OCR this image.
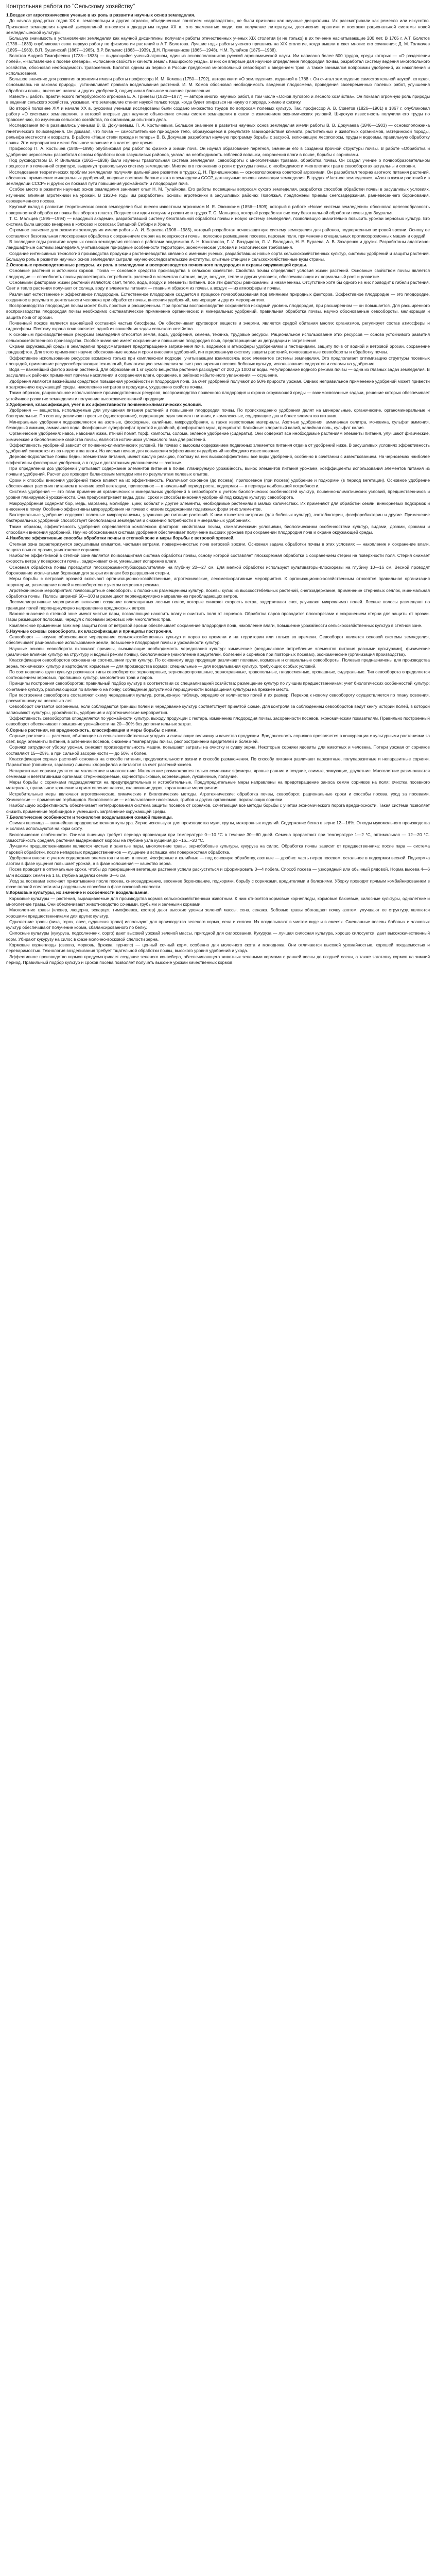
Контрольная работа по "Сельскому хозяйству"

1.Возделкет агротехнические ученые в их роль в развитии научных основ земледелия.

До начала двадцатых годов XX в. земледельцы и другие отрасли, объединенные понятием «садоводство», не были признаны как научные дисциплины. Их рассматривали как ремесло или искусство. Признание земледелия научной дисциплиной относится к двадцатым годам XX в., это знаменитые люди, как получение литературы, достижения практики и поставки рациональной системы новой земледельческой культуры.

Большую значимость в установлении земледелия как научной дисциплины получили работы отечественных ученых XIX столетия (и не только) в их течение насчитывающие 200 лет. В 1765 г. А.Т. Болотов (1738—1833) опубликовал свою первую работу по физиологии растений в А.Т. Болотова. Лучшие годы работы ученого пришлись на XIX столетие, когда вышли в свет многие его сочинения; Д. М. Толмачев (1895—1963), В.П. Бушинский (1867—1965), В.Р. Вильямс (1863—1939), Д.Н. Прянишников (1865—1948), Н.М. Тулайков (1875—1938).

Болотов Андрей Тимофеевич (1738—1833) — выдающийся ученый-агроном, один из основоположников русской агрономической науки. Им написано более 600 трудов, среди которых — «О разделении полей», «Наставление о посеве клевера», «Описание свойств и качеств земель Каширского уезда». В них он впервые дал научное определение плодородия почвы, разработал систему ведения многопольного хозяйства, обосновал необходимость травосеяния. Болотов одним из первых в России предложил многопольный севооборот с введением трав, а также занимался вопросами удобрений, их накопления и использования.

Большое значение для развития агрономии имели работы профессора И. М. Комова (1750—1792), автора книги «О земледелии», изданной в 1788 г. Он считал земледелие самостоятельной наукой, которая, основываясь на законах природы, устанавливает правила возделывания растений. И. М. Комов обосновал необходимость введения плодосмена, проведения своевременных полевых работ, улучшения обработки почвы, внесения навоза и других удобрений, подчеркивал большое значение травосеяния.

Известны работы практического петербургского агронома Е. А. Гриневы (1820—1877) — автора многих научных работ, в том числе «Основ лугового и лесного хозяйства». Он показал огромную роль природы в ведении сельского хозяйства, указывал, что земледелие станет наукой только тогда, когда будет опираться на науку о природе, химию и физику.

Во второй половине XIX и начале XX в. русскими учеными исследованы были создано множество трудов по вопросам полевых культур. Так, профессор А. В. Советов (1826—1901) в 1867 г. опубликовал работу «О системах земледелия», в которой впервые дал научное объяснение смены систем земледелия в связи с изменением экономических условий. Широкую известность получили его труды по травосеянию, по изучению сельского хозяйства, по организации опытного дела.

Исследования почв развивались учеными В. В. Докучаевым, П. А. Костычевым. Большое значение в развитии научных основ земледелия имели работы В. В. Докучаева (1846—1903) — основоположника генетического почвоведения. Он доказал, что почва — самостоятельное природное тело, образующееся в результате взаимодействия климата, растительных и животных организмов, материнской породы, рельефа местности и возраста. В работе «Наши степи прежде и теперь» В. В. Докучаев разработал научную программу борьбы с засухой, включавшую лесополосы, пруды и водоемы, правильную обработку почвы. Эти мероприятия имеют большое значение и в настоящее время.

Профессор П. А. Костычев (1845—1895) опубликовал ряд работ по физике и химии почв. Он изучал образование перегноя, значение его в создании прочной структуры почвы. В работе «Обработка и удобрение чернозема» разработал основы обработки почв засушливых районов, указал на необходимость зяблевой вспашки, сохранения влаги в почве, борьбы с сорняками.

Под руководством В. Р. Вильямса (1863—1939) были изучены травопольная система земледелия, севообороты с многолетними травами, обработка почвы. Он создал учение о почвообразовательном процессе и о почвенной структуре, выдвинул травопольную систему земледелия. Многие его положения о роли структуры почвы, о необходимости многолетних трав в севооборотах актуальны и сегодня.

Исследования теоретических проблем земледелия получили дальнейшее развитие в трудах Д. Н. Прянишникова — основоположника советской агрохимии. Он разработал теорию азотного питания растений, обосновал применение минеральных удобрений, впервые составил баланс азота в земледелии СССР, дал научные основы химизации земледелия. В трудах «Частное земледелие», «Азот в жизни растений и в земледелии СССР» и других он показал пути повышения урожайности и плодородия почв.

Особое место в развитии научных основ земледелия занимает опыт Н. М. Тулайкова. Его работы посвящены вопросам сухого земледелия, разработке способов обработки почвы в засушливых условиях, изучению влияния агротехники на урожай. В 1920-е годы им разработаны основы агротехники в засушливых районах Поволжья, предложены приемы снегозадержания, ранневесеннего боронования, своевременного посева.

Крупный вклад в развитие теоретических основ земледелия был внесен известным агрономом И. Е. Овсинским (1856—1909), который в работе «Новая система земледелия» обосновал целесообразность поверхностной обработки почвы без оборота пласта. Позднее эти идеи получили развитие в трудах Т. С. Мальцева, который разработал систему безотвальной обработки почвы для Зауралья.

Т. С. Мальцев (1895—1994) — народный академик, разработавший систему безотвальной обработки почвы и новую систему земледелия, позволившую значительно повысить урожаи зерновых культур. Его система была широко внедрена в колхозах и совхозах Западной Сибири и Урала.

Огромное значение для развития земледелия имели работы А. И. Бараева (1908—1985), который разработал почвозащитную систему земледелия для районов, подверженных ветровой эрозии. Основу ее составляют безотвальная плоскорезная обработка с сохранением стерни на поверхности почвы, полосное размещение посевов, паровые поля, применение специальных противоэрозионных машин и орудий.

В последние годы развитие научных основ земледелия связано с работами академиков А. Н. Каштанова, Г. И. Баздырева, Л. И. Володина, Н. Е. Бураева, А. В. Захаренко и других. Разработаны адаптивно-ландшафтные системы земледелия, учитывающие природные особенности территории, экономические условия и экологические требования.

Создание интенсивных технологий производства продукции растениеводства связано с именами ученых, разработавших новые сорта сельскохозяйственных культур, системы удобрений и защиты растений. Большую роль в развитии научных основ земледелия сыграли научно-исследовательские институты, опытные станции и сельскохозяйственные вузы страны.

2.Основные производственные ресурсы, их роль в земледелии и воспроизводство почвенного плодородия и охраны окружающей среды.

Основные растения и источники кормов. Почва — основное средство производства в сельском хозяйстве. Свойства почвы определяют условия жизни растений. Основным свойством почвы является плодородие — способность почвы удовлетворять потребность растений в элементах питания, воде, воздухе, тепле и других условиях, обеспечивающих их нормальный рост и развитие.

Основными факторами жизни растений являются: свет, тепло, вода, воздух и элементы питания. Все эти факторы равнозначны и незаменимы. Отсутствие хотя бы одного из них приводит к гибели растения. Свет и тепло растения получают от солнца, воду и элементы питания — главным образом из почвы, а воздух — из атмосферы и почвы.

Различают естественное и эффективное плодородие. Естественное плодородие создается в процессе почвообразования под влиянием природных факторов. Эффективное плодородие — это плодородие, созданное в результате деятельности человека при обработке почвы, внесении удобрений, мелиорации и других мероприятиях.

Воспроизводство плодородия почвы может быть простым и расширенным. При простом воспроизводстве сохраняется исходный уровень плодородия, при расширенном — он повышается. Для расширенного воспроизводства плодородия почвы необходимо систематическое применение органических и минеральных удобрений, правильная обработка почвы, научно обоснованные севообороты, мелиорация и защита почв от эрозии.

Почвенный покров является важнейшей составной частью биосферы. Он обеспечивает круговорот веществ и энергии, является средой обитания многих организмов, регулирует состав атмосферы и гидросферы. Поэтому охрана почв является одной из важнейших задач сельского хозяйства.

К основным производственным ресурсам земледелия относятся земля, вода, удобрения, семена, техника, трудовые ресурсы. Рациональное использование этих ресурсов — основа устойчивого развития сельскохозяйственного производства. Особое значение имеет сохранение и повышение плодородия почв, предотвращение их деградации и загрязнения.

Охрана окружающей среды в земледелии предусматривает предотвращение загрязнения почв, водоемов и атмосферы удобрениями и пестицидами, защиту почв от водной и ветровой эрозии, сохранение ландшафтов. Для этого применяют научно обоснованные нормы и сроки внесения удобрений, интегрированную систему защиты растений, почвозащитные севообороты и обработку почвы.

Эффективное использование ресурсов возможно только при комплексном подходе, учитывающем взаимосвязь всех элементов системы земледелия. Это предполагает оптимизацию структуры посевных площадей, применение ресурсосберегающих технологий, биологизацию земледелия за счет расширения посевов бобовых культур, использования сидератов и соломы на удобрение.

Вода — важнейший фактор жизни растений. Для образования 1 кг сухого вещества растения расходуют от 200 до 1000 кг воды. Регулирование водного режима почвы — одна из главных задач земледелия. В засушливых районах применяют приемы накопления и сохранения влаги, орошение, в районах избыточного увлажнения — осушение.

Удобрения являются важнейшим средством повышения урожайности и плодородия почв. За счет удобрений получают до 50% прироста урожая. Однако неправильное применение удобрений может привести к загрязнению окружающей среды, накоплению нитратов в продукции, ухудшению свойств почвы.

Таким образом, рациональное использование производственных ресурсов, воспроизводство почвенного плодородия и охрана окружающей среды — взаимосвязанные задачи, решение которых обеспечивает устойчивое развитие земледелия и получение высококачественной продукции.

3.Удобрения, классификация, учет в их эффективности почвенно-климатических условий.

Удобрения — вещества, используемые для улучшения питания растений и повышения плодородия почвы. По происхождению удобрения делят на минеральные, органические, органоминеральные и бактериальные. По составу различают простые (односторонние), содержащие один элемент питания, и комплексные, содержащие два и более элементов питания.

Минеральные удобрения подразделяются на азотные, фосфорные, калийные, микроудобрения, а также известковые материалы. Азотные удобрения: аммиачная селитра, мочевина, сульфат аммония, безводный аммиак, аммиачная вода. Фосфорные: суперфосфат простой и двойной, фосфоритная мука, преципитат. Калийные: хлористый калий, калийная соль, сульфат калия.

Органические удобрения: навоз, навозная жижа, птичий помет, торф, компосты, солома, зеленое удобрение (сидераты). Они содержат все необходимые растениям элементы питания, улучшают физические, химические и биологические свойства почвы, являются источником углекислого газа для растений.

Эффективность удобрений зависит от почвенно-климатических условий. На почвах с высоким содержанием подвижных элементов питания отдача от удобрений ниже. В засушливых условиях эффективность удобрений снижается из-за недостатка влаги. На кислых почвах для повышения эффективности удобрений необходимо известкование.

Дерново-подзолистые почвы бедны элементами питания, имеют кислую реакцию, поэтому на них высокоэффективны все виды удобрений, особенно в сочетании с известкованием. На черноземах наиболее эффективны фосфорные удобрения, а в годы с достаточным увлажнением — азотные.

При определении доз удобрений учитывают содержание элементов питания в почве, планируемую урожайность, вынос элементов питания урожаем, коэффициенты использования элементов питания из почвы и удобрений. Расчет доз проводят балансовым методом или по результатам полевых опытов.

Сроки и способы внесения удобрений также влияют на их эффективность. Различают основное (до посева), припосевное (при посеве) удобрение и подкормки (в период вегетации). Основное удобрение обеспечивает растения питанием в течение всей вегетации, припосевное — в начальный период роста, подкормки — в периоды наибольшей потребности.

Система удобрения — это план применения органических и минеральных удобрений в севообороте с учетом биологических особенностей культур, почвенно-климатических условий, предшественников и уровня планируемой урожайности. Она предусматривает виды, дозы, сроки и способы внесения удобрений под каждую культуру севооборота.

Микроудобрения содержат бор, медь, марганец, молибден, цинк, кобальт и другие элементы, необходимые растениям в малых количествах. Их применяют для обработки семян, внекорневых подкормок и внесения в почву. Особенно эффективны микроудобрения на почвах с низким содержанием подвижных форм этих элементов.

Бактериальные удобрения содержат полезные микроорганизмы, улучшающие питание растений. К ним относятся нитрагин (для бобовых культур), азотобактерин, фосфоробактерин и другие. Применение бактериальных удобрений способствует биологизации земледелия и снижению потребности в минеральных удобрениях.

Таким образом, эффективность удобрений определяется комплексом факторов: свойствами почвы, климатическими условиями, биологическими особенностями культур, видами, дозами, сроками и способами внесения удобрений. Научно обоснованная система удобрения обеспечивает получение высоких урожаев при сохранении плодородия почв и охране окружающей среды.

4.Наиболее эффективные способы обработки почвы в степной зоне и меры борьбы с ветровой эрозией.

Степная зона характеризуется засушливым климатом, частыми ветрами, подверженностью почв ветровой эрозии. Основная задача обработки почвы в этих условиях — накопление и сохранение влаги, защита почв от эрозии, уничтожение сорняков.

Наиболее эффективной в степной зоне является почвозащитная система обработки почвы, основу которой составляет плоскорезная обработка с сохранением стерни на поверхности поля. Стерня снижает скорость ветра у поверхности почвы, задерживает снег, уменьшает испарение влаги.

Основная обработка почвы проводится плоскорезами-глубокорыхлителями на глубину 20—27 см. Для мелкой обработки используют культиваторы-плоскорезы на глубину 10—16 см. Весной проводят боронование игольчатыми боронами для закрытия влаги без разрушения стерни.

Меры борьбы с ветровой эрозией включают организационно-хозяйственные, агротехнические, лесомелиоративные мероприятия. К организационно-хозяйственным относятся правильная организация территории, размещение полей и севооборотов с учетом ветрового режима.

Агротехнические мероприятия: почвозащитные севообороты с полосным размещением культур, посевы кулис из высокостебельных растений, снегозадержание, применение стерневых сеялок, минимальная обработка почвы. Полосы шириной 50—100 м размещают перпендикулярно направлению преобладающих ветров.

Лесомелиоративные мероприятия включают создание полезащитных лесных полос, которые снижают скорость ветра, задерживают снег, улучшают микроклимат полей. Лесные полосы размещают по границам полей перпендикулярно направлению вредоносных ветров.

Важное значение в степной зоне имеют чистые пары, позволяющие накопить влагу и очистить поля от сорняков. Обработка паров проводится плоскорезами с сохранением стерни для защиты от эрозии. Пары размещают полосами, чередуя с посевами зерновых или многолетних трав.

Комплексное применение всех мер защиты почв от ветровой эрозии обеспечивает сохранение плодородия почв, накопление влаги, повышение урожайности сельскохозяйственных культур в степной зоне.

5.Научные основы севооборота, их классификация и принципы построения.

Севооборот — научно обоснованное чередование сельскохозяйственных культур и паров во времени и на территории или только во времени. Севооборот является основой системы земледелия, обеспечивает рациональное использование земли, повышение плодородия почвы и урожайности культур.

Научные основы севооборота включают причины, вызывающие необходимость чередования культур: химические (неодинаковое потребление элементов питания разными культурами), физические (различное влияние культур на структуру и водный режим почвы), биологические (накопление вредителей, болезней и сорняков при повторных посевах), экономические (организация производства).

Классификация севооборотов основана на соотношении групп культур. По основному виду продукции различают полевые, кормовые и специальные севообороты. Полевые предназначены для производства зерна, технических культур и картофеля; кормовые — для производства кормов; специальные — для возделывания культур, требующих особых условий.

По соотношению групп культур различают типы севооборотов: зернопаровые, зернопаропропашные, зернотравяные, травопольные, плодосменные, пропашные, сидеральные. Тип севооборота определяется соотношением зерновых, пропашных культур, многолетних трав и паров.

Принципы построения севооборотов: правильный подбор культур в соответствии со специализацией хозяйства; размещение культур по лучшим предшественникам; учет биологических особенностей культур; сочетание культур, различающихся по влиянию на почву; соблюдение допустимой периодичности возвращения культуры на прежнее место.

При построении севооборота составляют схему чередования культур, ротационную таблицу, определяют количество полей и их размер. Переход к новому севообороту осуществляется по плану освоения, рассчитанному на несколько лет.

Севооборот считается освоенным, если соблюдаются границы полей и чередование культур соответствует принятой схеме. Для контроля за соблюдением севооборотов ведут книгу истории полей, в которой записывают культуры, урожайность, удобрения и агротехнические мероприятия.

Эффективность севооборотов определяется по урожайности культур, выходу продукции с гектара, изменению плодородия почвы, засоренности посевов, экономическим показателям. Правильно построенный севооборот обеспечивает повышение урожайности на 20—30% без дополнительных затрат.

6.Сорные растения, их вредоносность, классификация и меры борьбы с ними.

Сорные растения — растения, обитающие на сельскохозяйственных угодьях и снижающие величину и качество продукции. Вредоносность сорняков проявляется в конкуренции с культурными растениями за свет, воду, элементы питания, в затенении посевов, снижении температуры почвы, распространении вредителей и болезней.

Сорняки затрудняют уборку урожая, снижают производительность машин, повышают затраты на очистку и сушку зерна. Некоторые сорняки ядовиты для животных и человека. Потери урожая от сорняков составляют 15—25%, а при сильной засоренности — до 50% и более.

Классификация сорных растений основана на способе питания, продолжительности жизни и способе размножения. По способу питания различают паразитные, полупаразитные и непаразитные сорняки. Паразитные (повилики, заразихи) лишены хлорофилла и питаются за счет растений-хозяев.

Непаразитные сорняки делятся на малолетние и многолетние. Малолетние размножаются только семенами: эфемеры, яровые ранние и поздние, озимые, зимующие, двулетние. Многолетние размножаются семенами и вегетативными органами: стержнекорневые, корнеотпрысковые, корневищные, луковичные, ползучие.

Меры борьбы с сорняками подразделяются на предупредительные и истребительные. Предупредительные меры направлены на предотвращение заноса семян сорняков на поля: очистка посевного материала, правильное хранение и приготовление навоза, окашивание дорог, карантинные мероприятия.

Истребительные меры включают агротехнические, химические и биологические методы. Агротехнические: обработка почвы, севооборот, рациональные сроки и способы посева, уход за посевами. Химические — применение гербицидов. Биологические — использование насекомых, грибов и других организмов, поражающих сорняки.

Наибольшую эффективность обеспечивает интегрированная система защиты посевов от сорняков, сочетающая все методы борьбы с учетом экономического порога вредоносности. Такая система позволяет снизить применение гербицидов и уменьшить загрязнение окружающей среды.

7.Биологические особенности и технология возделывания озимой пшеницы.

Озимая пшеница — важнейшая продовольственная культура. Зерно используют для производства муки, крупы, макаронных изделий. Содержание белка в зерне 12—16%. Отходы мукомольного производства и солома используются на корм скоту.

Биологические особенности. Озимая пшеница требует периода яровизации при температуре 0—10 °С в течение 30—60 дней. Семена прорастают при температуре 1—2 °С, оптимальная — 12—20 °С. Зимостойкость средняя, растения выдерживают морозы на глубине узла кущения до −16...−20 °С.

Лучшими предшественниками являются чистые и занятые пары, многолетние травы, зернобобовые культуры, кукуруза на силос. Обработка почвы зависит от предшественника: после пара — система паровой обработки, после непаровых предшественников — лущение и вспашка или поверхностная обработка.

Удобрения вносят с учетом содержания элементов питания в почве. Фосфорные и калийные — под основную обработку, азотные — дробно: часть перед посевом, остальное в подкормки весной. Подкормка азотом в фазе кущения повышает урожай, а в фазе колошения — качество зерна.

Посев проводят в оптимальные сроки, чтобы до прекращения вегетации растения успели раскуститься и сформировать 3—4 побега. Способ посева — узкорядный или обычный рядовой. Норма высева 4—6 млн всхожих семян на 1 га, глубина заделки семян 3—6 см.

Уход за посевами включает прикатывание после посева, снегозадержание, весеннее боронование, подкормки, борьбу с сорняками, вредителями и болезнями. Уборку проводят прямым комбайнированием в фазе полной спелости или раздельным способом в фазе восковой спелости.

8.Кормовые культуры, их значение и особенности возделывания.

Кормовые культуры — растения, выращиваемые для производства кормов сельскохозяйственным животным. К ним относятся кормовые корнеплоды, кормовые бахчевые, силосные культуры, однолетние и многолетние травы. Они обеспечивают животноводство сочными, грубыми и зелеными кормами.

Многолетние травы (клевер, люцерна, эспарцет, тимофеевка, костер) дают высокие урожаи зеленой массы, сена, сенажа. Бобовые травы обогащают почву азотом, улучшают ее структуру, являются хорошими предшественниками для других культур.

Однолетние травы (вика, горох, овес, суданская трава) используют для производства зеленого корма, сена и силоса. Их возделывают в чистом виде и в смесях. Смешанные посевы бобовых и злаковых культур обеспечивают получение корма, сбалансированного по белку.

Силосные культуры (кукуруза, подсолнечник, сорго) дают высокий урожай зеленой массы, пригодной для силосования. Кукуруза — лучшая силосная культура, хорошо силосуется, дает высококачественный корм. Убирают кукурузу на силос в фазе молочно-восковой спелости зерна.

Кормовые корнеплоды (свекла, морковь, брюква, турнепс) — ценный сочный корм, особенно для молочного скота и молодняка. Они отличаются высокой урожайностью, хорошей поедаемостью и переваримостью. Технология возделывания требует тщательной обработки почвы, высокого уровня удобрений и ухода.

Эффективное производство кормов предусматривает создание зеленого конвейера, обеспечивающего животных зелеными кормами с ранней весны до поздней осени, а также заготовку кормов на зимний период. Правильный подбор культур и сроков посева позволяет получать высокие урожаи качественных кормов.
